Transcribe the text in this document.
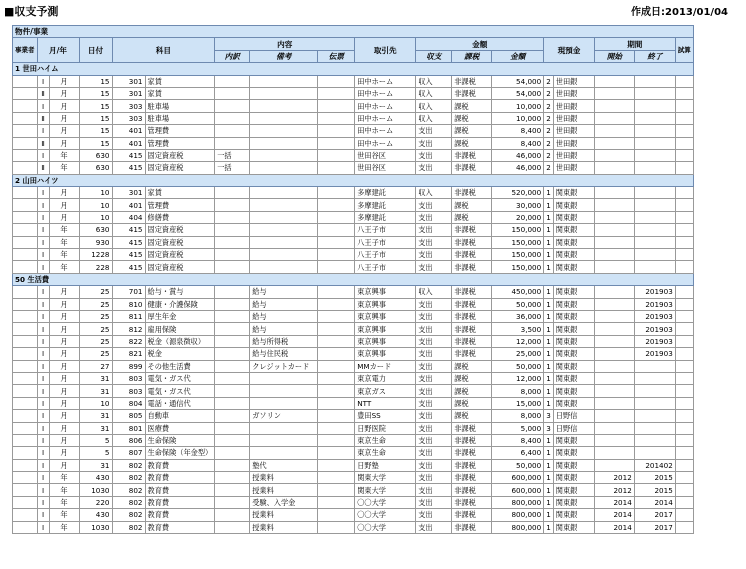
■収支予測	作成日:2013/01/04
物件/事業																	
事業者	月/年		日付	科目		内容			取引先	金額			現預金		期間		試算
						内訳	備考	伝票		収支	課税	金額			開始	終了	
1 世田ハイム																	
	Ⅰ	月	15	301	家賃				田中ホーム	収入	非課税	54,000	2	世田銀			
	Ⅱ	月	15	301	家賃				田中ホーム	収入	非課税	54,000	2	世田銀			
	Ⅰ	月	15	303	駐車場				田中ホーム	収入	課税	10,000	2	世田銀			
	Ⅱ	月	15	303	駐車場				田中ホーム	収入	課税	10,000	2	世田銀			
	Ⅰ	月	15	401	管理費				田中ホーム	支出	課税	8,400	2	世田銀			
	Ⅱ	月	15	401	管理費				田中ホーム	支出	課税	8,400	2	世田銀			
	Ⅰ	年	630	415	固定資産税	一括			世田谷区	支出	非課税	46,000	2	世田銀			
	Ⅱ	年	630	415	固定資産税	一括			世田谷区	支出	非課税	46,000	2	世田銀			
2 山田ハイツ																	
	Ⅰ	月	10	301	家賃				多摩建託	収入	非課税	520,000	1	関東銀			
	Ⅰ	月	10	401	管理費				多摩建託	支出	課税	30,000	1	関東銀			
	Ⅰ	月	10	404	修繕費				多摩建託	支出	課税	20,000	1	関東銀			
	Ⅰ	年	630	415	固定資産税				八王子市	支出	非課税	150,000	1	関東銀			
	Ⅰ	年	930	415	固定資産税				八王子市	支出	非課税	150,000	1	関東銀			
	Ⅰ	年	1228	415	固定資産税				八王子市	支出	非課税	150,000	1	関東銀			
	Ⅰ	年	228	415	固定資産税				八王子市	支出	非課税	150,000	1	関東銀			
50 生活費																	
	Ⅰ	月	25	701	給与・賞与		給与		東京興事	収入	非課税	450,000	1	関東銀		201903	
	Ⅰ	月	25	810	健康・介護保険		給与		東京興事	支出	非課税	50,000	1	関東銀		201903	
	Ⅰ	月	25	811	厚生年金		給与		東京興事	支出	非課税	36,000	1	関東銀		201903	
	Ⅰ	月	25	812	雇用保険		給与		東京興事	支出	非課税	3,500	1	関東銀		201903	
	Ⅰ	月	25	822	税金（源泉徴収）		給与所得税		東京興事	支出	非課税	12,000	1	関東銀		201903	
	Ⅰ	月	25	821	税金		給与住民税		東京興事	支出	非課税	25,000	1	関東銀		201903	
	Ⅰ	月	27	899	その他生活費		クレジットカード		MMカード	支出	課税	50,000	1	関東銀			
	Ⅰ	月	31	803	電気・ガス代				東京電力	支出	課税	12,000	1	関東銀			
	Ⅰ	月	31	803	電気・ガス代				東京ガス	支出	課税	8,000	1	関東銀			
	Ⅰ	月	10	804	電話・通信代				NTT	支出	課税	15,000	1	関東銀			
	Ⅰ	月	31	805	自動車		ガソリン		豊田SS	支出	課税	8,000	3	日野信			
	Ⅰ	月	31	801	医療費				日野医院	支出	非課税	5,000	3	日野信			
	Ⅰ	月	5	806	生命保険				東京生命	支出	非課税	8,400	1	関東銀			
	Ⅰ	月	5	807	生命保険（年金型）				東京生命	支出	非課税	6,400	1	関東銀			
	Ⅰ	月	31	802	教育費		塾代		日野塾	支出	非課税	50,000	1	関東銀		201402	
	Ⅰ	年	430	802	教育費		授業料		関東大学	支出	非課税	600,000	1	関東銀	2012	2015	
	Ⅰ	年	1030	802	教育費		授業料		関東大学	支出	非課税	600,000	1	関東銀	2012	2015	
	Ⅰ	年	220	802	教育費		受験、入学金		〇〇大学	支出	非課税	800,000	1	関東銀	2014	2014	
	Ⅰ	年	430	802	教育費		授業料		〇〇大学	支出	非課税	800,000	1	関東銀	2014	2017	
	Ⅰ	年	1030	802	教育費		授業料		〇〇大学	支出	非課税	800,000	1	関東銀	2014	2017	
